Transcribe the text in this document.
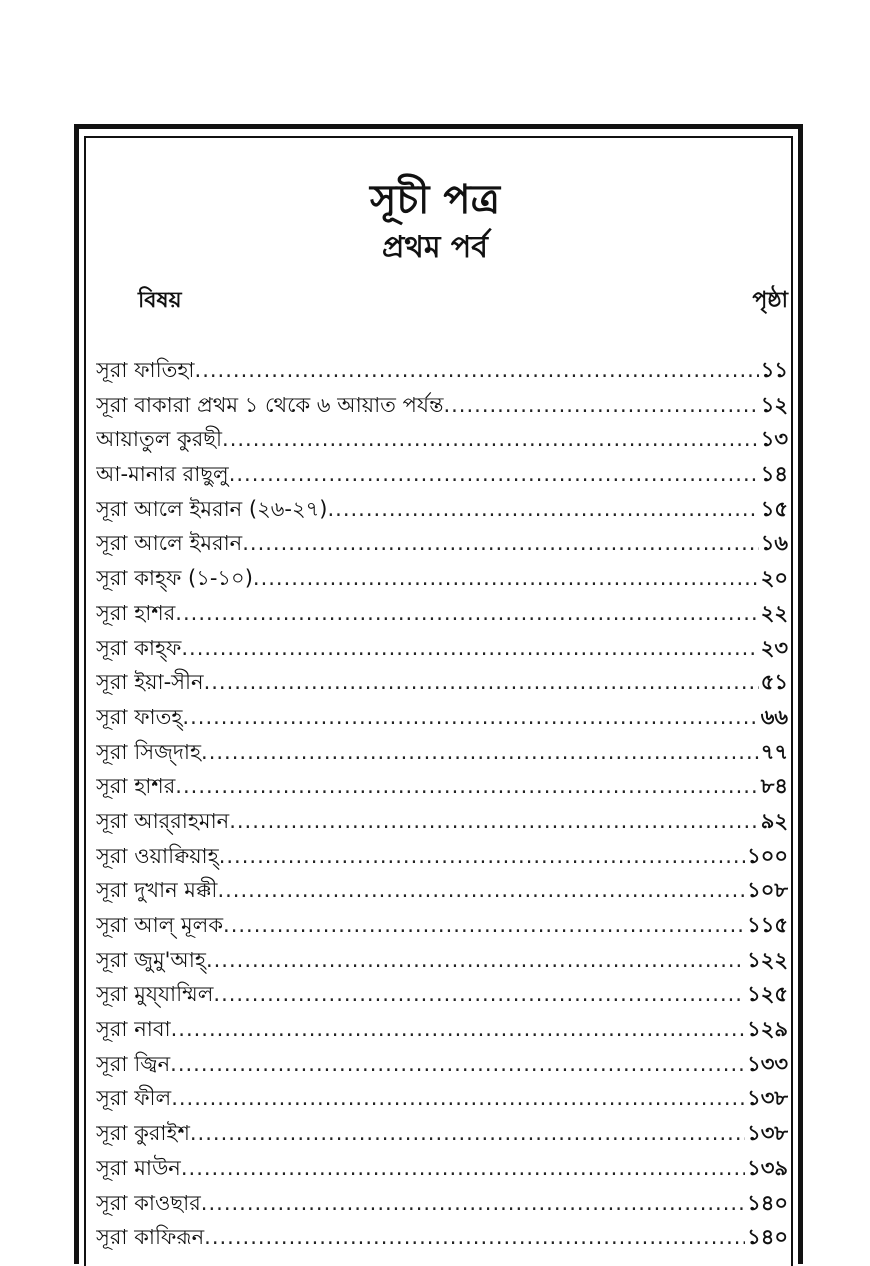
সূচী পত্র
প্রথম পর্ব
বিষয়	পৃষ্ঠা
সূরা ফাতিহা .....	১১
সূরা বাকারা প্রথম ১ থেকে ৬ আয়াত পর্যন্ত .....	১২
আয়াতুল কুরছী .....	১৩
আ-মানার রাছুলু .....	১৪
সূরা আলে ইমরান (২৬-২৭) .....	১৫
সূরা আলে ইমরান .....	১৬
সূরা কাহ্ফ (১-১০) .....	২০
সূরা হাশর .....	২২
সূরা কাহ্ফ .....	২৩
সূরা ইয়া-সীন .....	৫১
সূরা ফাতহ্ .....	৬৬
সূরা সিজ্‌দাহ .....	৭৭
সূরা হাশর .....	৮৪
সূরা আর্‌রাহমান .....	৯২
সূরা ওয়াক্বিয়াহ্ .....	১০০
সূরা দুখান মক্কী .....	১০৮
সূরা আল্ মূলক .....	১১৫
সূরা জুমু'আহ্ .....	১২২
সূরা মুয্‌যাম্মিল .....	১২৫
সূরা নাবা .....	১২৯
সূরা জ্বিন .....	১৩৩
সূরা ফীল .....	১৩৮
সূরা কুরাইশ .....	১৩৮
সূরা মাউন .....	১৩৯
সূরা কাওছার .....	১৪০
সূরা কাফিরূন .....	১৪০
